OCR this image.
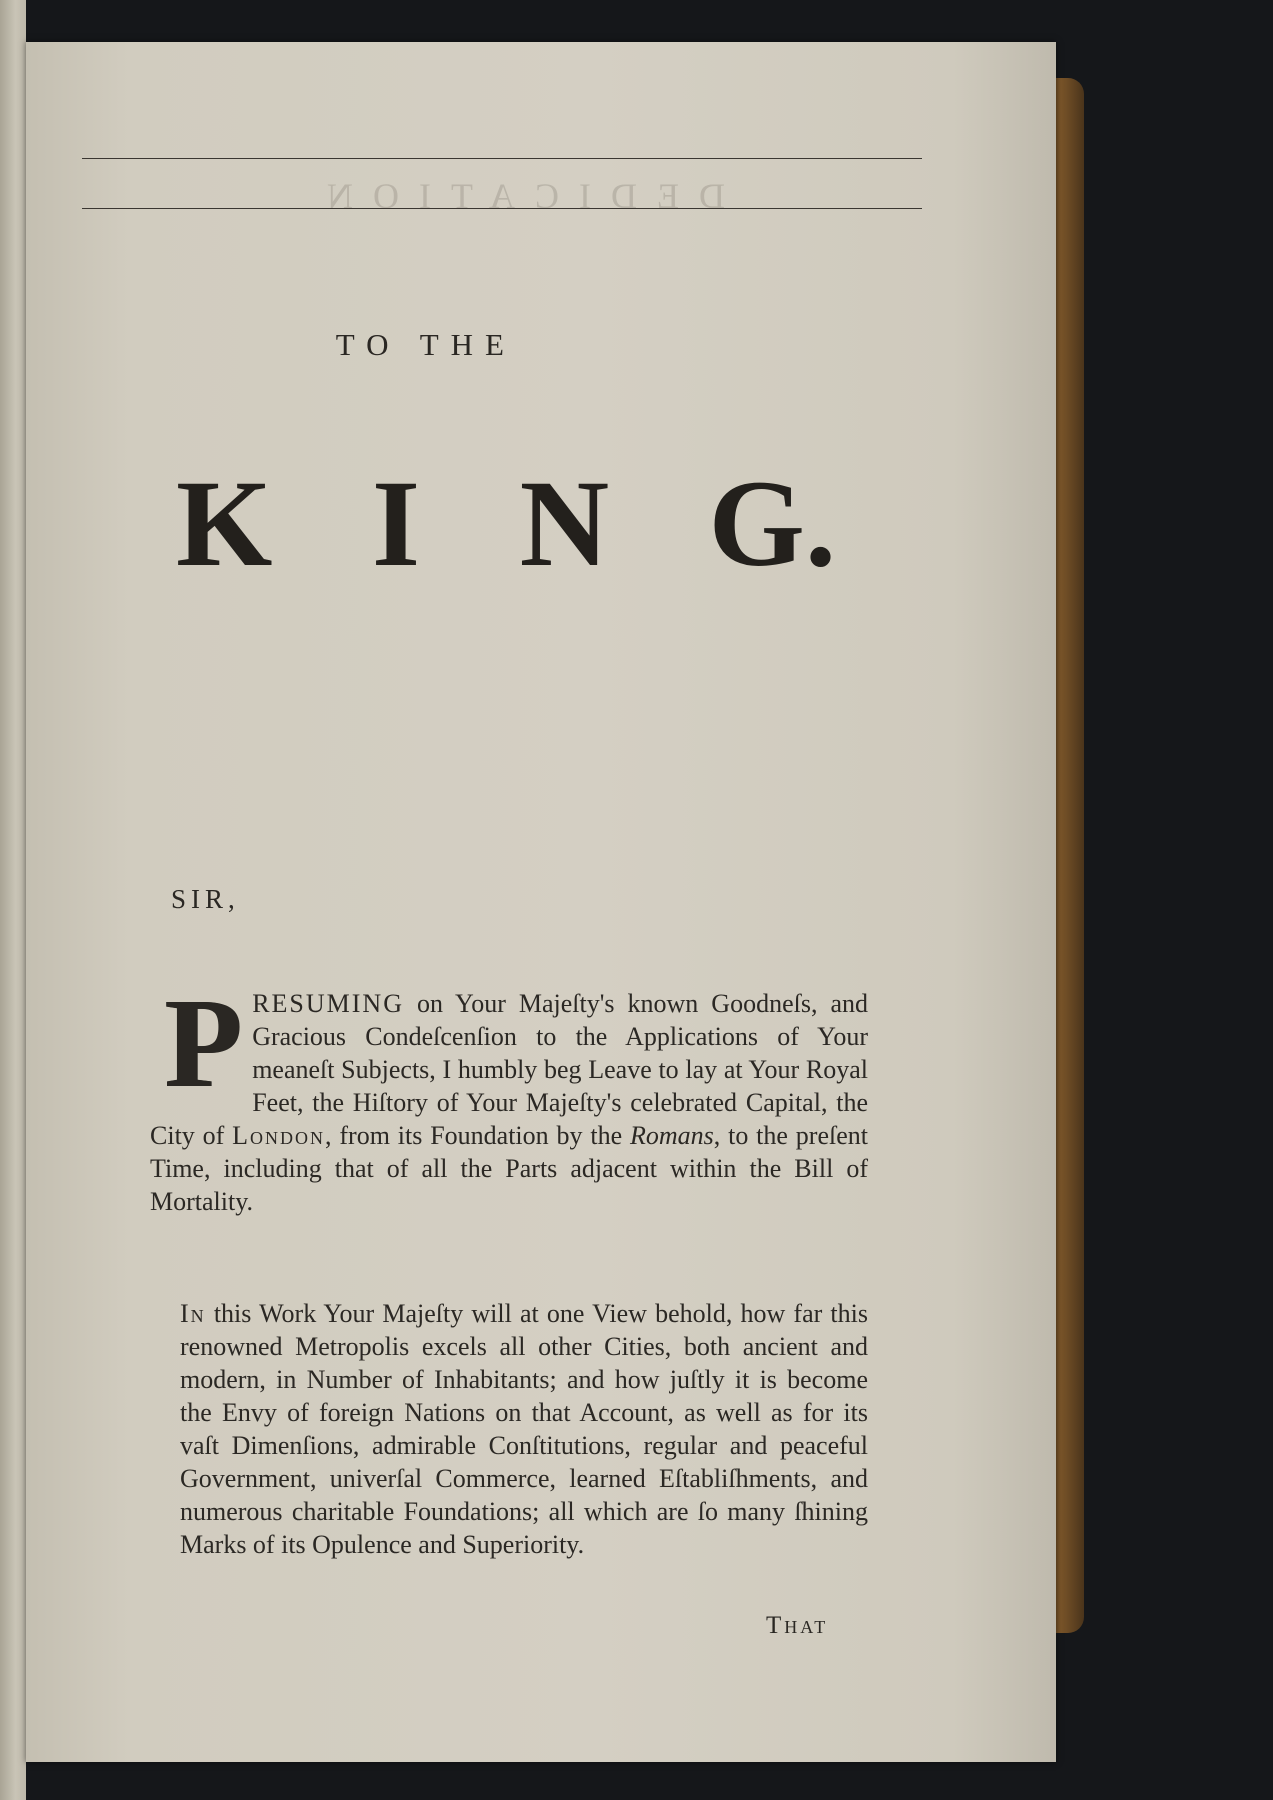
DEDICATION
TO THE
K I N G.
SIR,

PRESUMING on Your Majeſty's known Goodneſs, and Gracious Condeſcenſion to the Applications of Your meaneſt Subjects, I humbly beg Leave to lay at Your Royal Feet, the Hiſtory of Your Majeſty's celebrated Capital, the City of London, from its Foundation by the Romans, to the preſent Time, including that of all the Parts adjacent within the Bill of Mortality.

In this Work Your Majeſty will at one View behold, how far this renowned Metropolis excels all other Cities, both ancient and modern, in Number of Inhabitants; and how juſtly it is become the Envy of foreign Nations on that Account, as well as for its vaſt Dimenſions, admirable Conſtitutions, regular and peaceful Government, univerſal Commerce, learned Eſtabliſhments, and numerous charitable Foundations; all which are ſo many ſhining Marks of its Opulence and Superiority.

That
